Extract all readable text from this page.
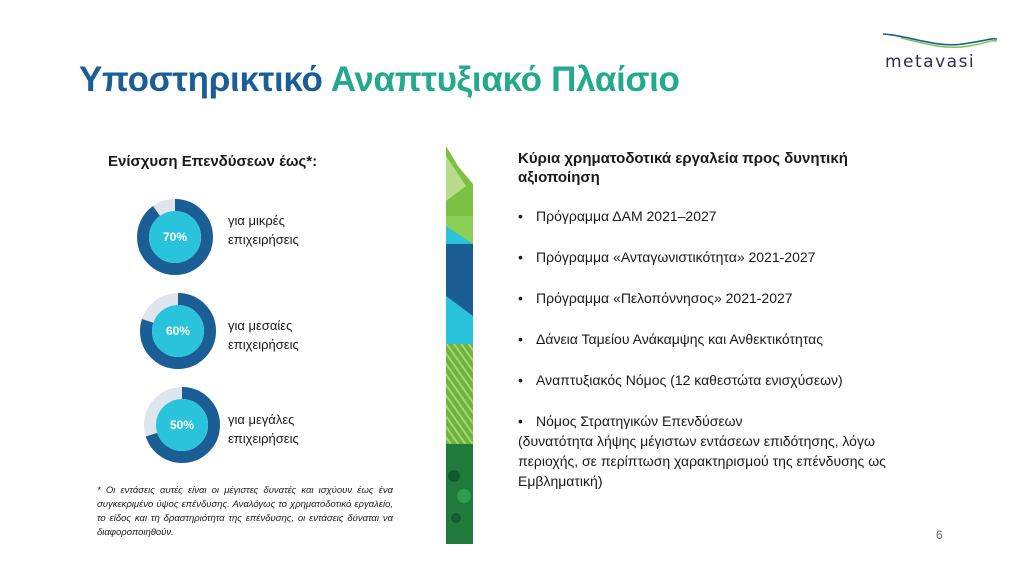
Υποστηρικτικό Αναπτυξιακό Πλαίσιο	metavasi
Ενίσχυση Επενδύσεων έως*:
70%
για μικρές
επιχειρήσεις
60%	για μεσαίες
επιχειρήσεις
50%	για μεγάλες
επιχειρήσεις

* Οι εντάσεις αυτές είναι οι μέγιστες δυνατές και ισχύουν έως ένα συγκεκριμένο ύψος επένδυσης. Αναλόγως το χρηματοδοτικό εργαλείο, το είδος και τη δραστηριότητα της επένδυσης, οι εντάσεις δύναται να διαφοροποιηθούν.

Κύρια χρηματοδοτικά εργαλεία προς δυνητική αξιοποίηση
• Πρόγραμμα ΔΑΜ 2021–2027
• Πρόγραμμα «Ανταγωνιστικότητα» 2021-2027
• Πρόγραμμα «Πελοπόννησος» 2021-2027
• Δάνεια Ταμείου Ανάκαμψης και Ανθεκτικότητας
• Αναπτυξιακός Νόμος (12 καθεστώτα ενισχύσεων)
• Νόμος Στρατηγικών Επενδύσεων
(δυνατότητα λήψης μέγιστων εντάσεων επιδότησης, λόγω περιοχής, σε περίπτωση χαρακτηρισμού της επένδυσης ως Εμβληματική)
6
